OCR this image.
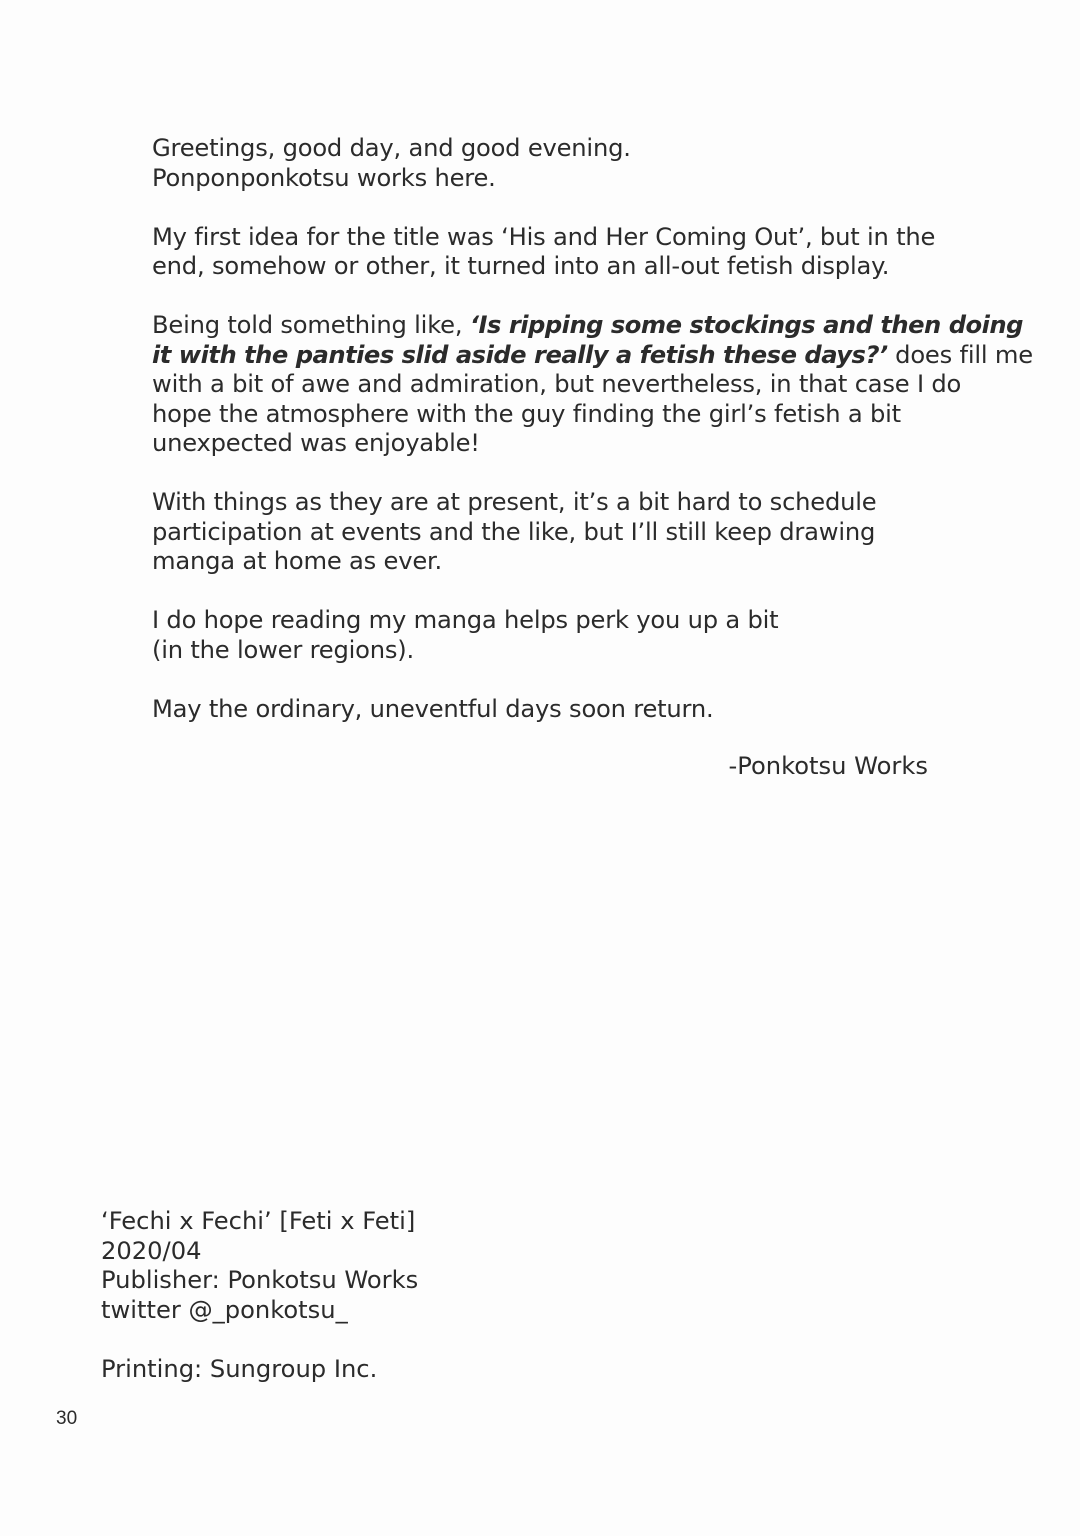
Greetings, good day, and good evening.
Ponponponkotsu works here.

My first idea for the title was ‘His and Her Coming Out’, but in the
end, somehow or other, it turned into an all-out fetish display.

Being told something like, ‘Is ripping some stockings and then doing
it with the panties slid aside really a fetish these days?’ does fill me
with a bit of awe and admiration, but nevertheless, in that case I do
hope the atmosphere with the guy finding the girl’s fetish a bit
unexpected was enjoyable!

With things as they are at present, it’s a bit hard to schedule
participation at events and the like, but I’ll still keep drawing
manga at home as ever.

I do hope reading my manga helps perk you up a bit
(in the lower regions).

May the ordinary, uneventful days soon return.

-Ponkotsu Works
‘Fechi x Fechi’ [Feti x Feti]
2020/04
Publisher: Ponkotsu Works
twitter @_ponkotsu_
Printing: Sungroup Inc.
30
